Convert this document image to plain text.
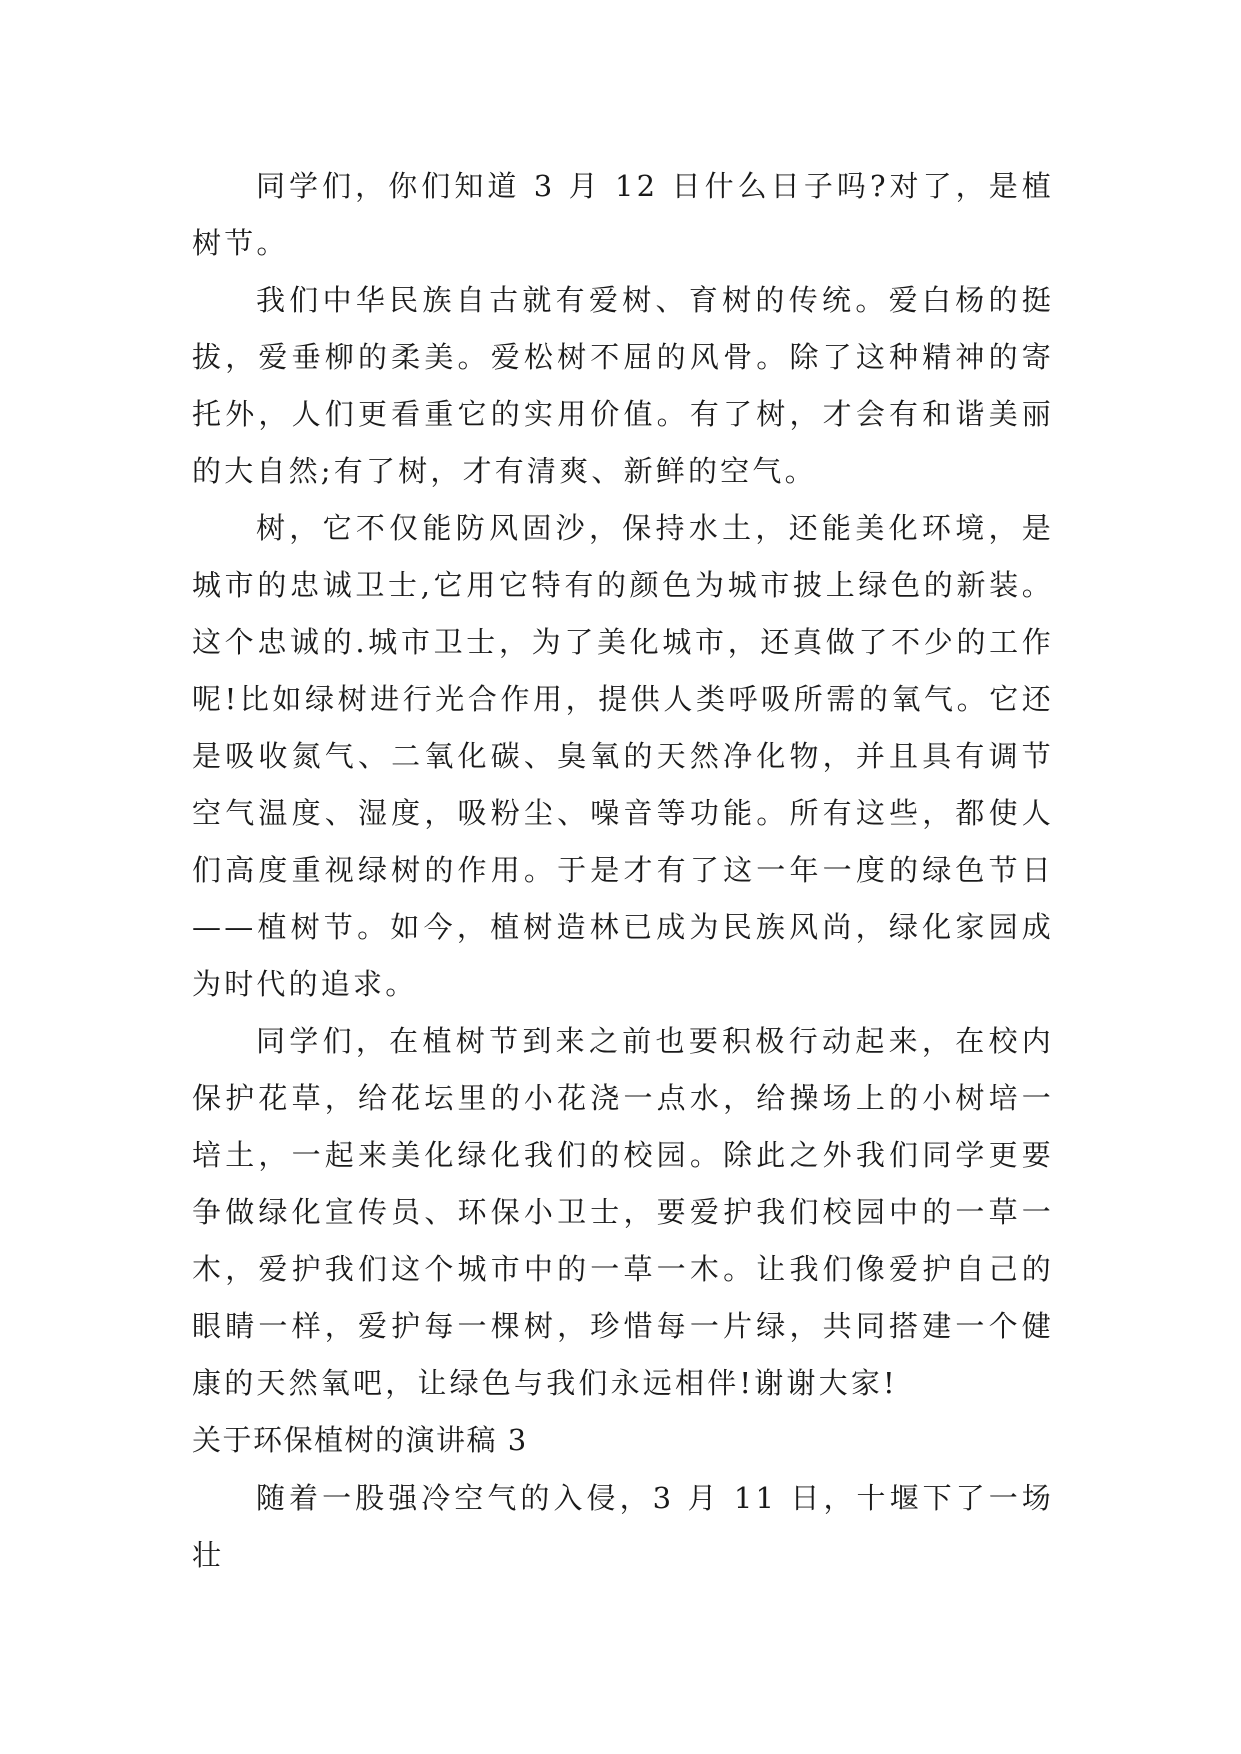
同学们，你们知道 3 月 12 日什么日子吗?对了，是植树节。

我们中华民族自古就有爱树、育树的传统。爱白杨的挺拔，爱垂柳的柔美。爱松树不屈的风骨。除了这种精神的寄托外，人们更看重它的实用价值。有了树，才会有和谐美丽的大自然;有了树，才有清爽、新鲜的空气。

树，它不仅能防风固沙，保持水土，还能美化环境，是城市的忠诚卫士,它用它特有的颜色为城市披上绿色的新装。这个忠诚的.城市卫士，为了美化城市，还真做了不少的工作呢!比如绿树进行光合作用，提供人类呼吸所需的氧气。它还是吸收氮气、二氧化碳、臭氧的天然净化物，并且具有调节空气温度、湿度，吸粉尘、噪音等功能。所有这些，都使人们高度重视绿树的作用。于是才有了这一年一度的绿色节日——植树节。如今，植树造林已成为民族风尚，绿化家园成为时代的追求。

同学们，在植树节到来之前也要积极行动起来，在校内保护花草，给花坛里的小花浇一点水，给操场上的小树培一培土，一起来美化绿化我们的校园。除此之外我们同学更要争做绿化宣传员、环保小卫士，要爱护我们校园中的一草一木，爱护我们这个城市中的一草一木。让我们像爱护自己的眼睛一样，爱护每一棵树，珍惜每一片绿，共同搭建一个健康的天然氧吧，让绿色与我们永远相伴!谢谢大家!

关于环保植树的演讲稿 3

随着一股强冷空气的入侵，3 月 11 日，十堰下了一场壮
